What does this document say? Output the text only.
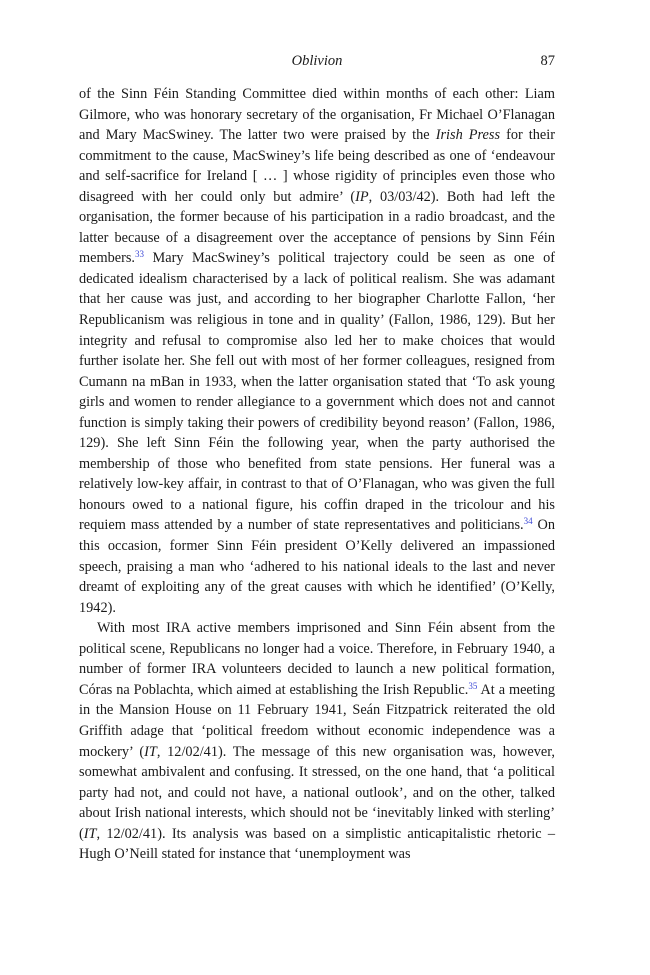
Oblivion	87

of the Sinn Féin Standing Committee died within months of each other: Liam Gilmore, who was honorary secretary of the organisation, Fr Michael O’Flanagan and Mary MacSwiney. The latter two were praised by the Irish Press for their commitment to the cause, MacSwiney’s life being described as one of ‘endeavour and self-sacrifice for Ireland [ … ] whose rigidity of principles even those who disagreed with her could only but admire’ (IP, 03/03/42). Both had left the organisation, the former because of his participation in a radio broadcast, and the latter because of a disagreement over the acceptance of pensions by Sinn Féin members.$^{33}$ Mary MacSwiney’s political trajectory could be seen as one of dedicated idealism characterised by a lack of political realism. She was adamant that her cause was just, and according to her biographer Charlotte Fallon, ‘her Republicanism was religious in tone and in quality’ (Fallon, 1986, 129). But her integrity and refusal to compromise also led her to make choices that would further isolate her. She fell out with most of her former colleagues, resigned from Cumann na mBan in 1933, when the latter organisation stated that ‘To ask young girls and women to render allegiance to a government which does not and cannot function is simply taking their powers of credibility beyond reason’ (Fallon, 1986, 129). She left Sinn Féin the following year, when the party authorised the membership of those who benefited from state pensions. Her funeral was a relatively low-key affair, in contrast to that of O’Flanagan, who was given the full honours owed to a national figure, his coffin draped in the tricolour and his requiem mass attended by a number of state representatives and politicians.$^{34}$ On this occasion, former Sinn Féin president O’Kelly delivered an impassioned speech, praising a man who ‘adhered to his national ideals to the last and never dreamt of exploiting any of the great causes with which he identified’ (O’Kelly, 1942).

With most IRA active members imprisoned and Sinn Féin absent from the political scene, Republicans no longer had a voice. Therefore, in February 1940, a number of former IRA volunteers decided to launch a new political formation, Córas na Poblachta, which aimed at establishing the Irish Republic.$^{35}$ At a meeting in the Mansion House on 11 February 1941, Seán Fitzpatrick reiterated the old Griffith adage that ‘political freedom without economic independence was a mockery’ (IT, 12/02/41). The message of this new organisation was, however, somewhat ambivalent and confusing. It stressed, on the one hand, that ‘a political party had not, and could not have, a national outlook’, and on the other, talked about Irish national interests, which should not be ‘inevitably linked with sterling’ (IT, 12/02/41). Its analysis was based on a simplistic anticapitalistic rhetoric – Hugh O’Neill stated for instance that ‘unemployment was
